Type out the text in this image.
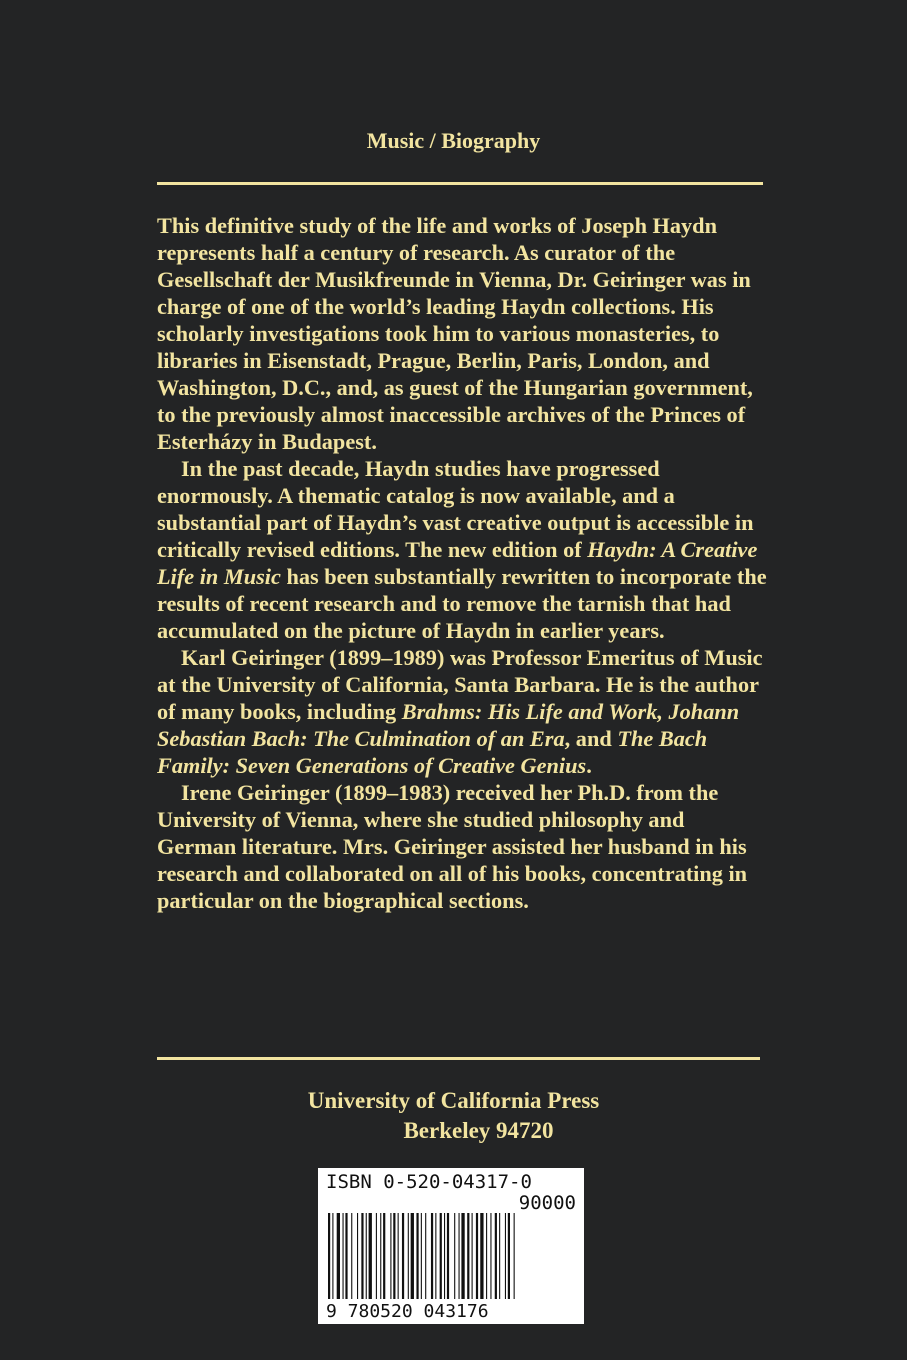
Music / Biography

This definitive study of the life and works of Joseph Haydn represents half a century of research. As curator of the Gesellschaft der Musikfreunde in Vienna, Dr. Geiringer was in charge of one of the world’s leading Haydn collections. His scholarly investigations took him to various monasteries, to libraries in Eisenstadt, Prague, Berlin, Paris, London, and Washington, D.C., and, as guest of the Hungarian government, to the previously almost inaccessible archives of the Princes of Esterházy in Budapest.

In the past decade, Haydn studies have progressed enormously. A thematic catalog is now available, and a substantial part of Haydn’s vast creative output is accessible in critically revised editions. The new edition of Haydn: A Creative Life in Music has been substantially rewritten to incorporate the results of recent research and to remove the tarnish that had accumulated on the picture of Haydn in earlier years.

Karl Geiringer (1899–1989) was Professor Emeritus of Music at the University of California, Santa Barbara. He is the author of many books, including Brahms: His Life and Work, Johann Sebastian Bach: The Culmination of an Era, and The Bach Family: Seven Generations of Creative Genius.

Irene Geiringer (1899–1983) received her Ph.D. from the University of Vienna, where she studied philosophy and German literature. Mrs. Geiringer assisted her husband in his research and collaborated on all of his books, concentrating in particular on the biographical sections.

University of California Press
Berkeley 94720
ISBN 0-520-04317-0
90000
9 780520 043176
